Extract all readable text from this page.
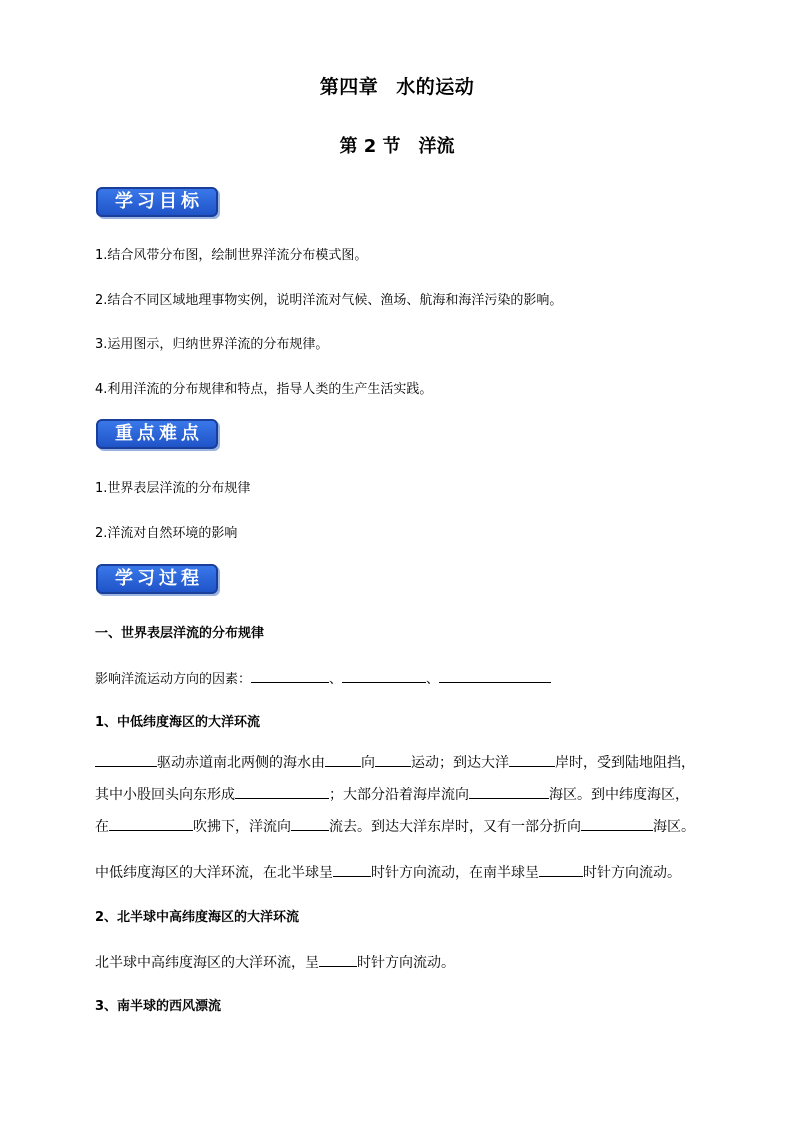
第四章 水的运动
第 2 节 洋流
学习目标
1.结合风带分布图，绘制世界洋流分布模式图。
2.结合不同区域地理事物实例，说明洋流对气候、渔场、航海和海洋污染的影响。
3.运用图示，归纳世界洋流的分布规律。
4.利用洋流的分布规律和特点，指导人类的生产生活实践。
重点难点
1.世界表层洋流的分布规律
2.洋流对自然环境的影响
学习过程
一、世界表层洋流的分布规律
影响洋流运动方向的因素：	、	、
1、中低纬度海区的大洋环流
驱动赤道南北两侧的海水由	向	运动；到达大洋	岸时，受到陆地阻挡，
其中小股回头向东形成	；大部分沿着海岸流向	海区。到中纬度海区，
在	吹拂下，洋流向	流去。到达大洋东岸时，又有一部分折向	海区。
中低纬度海区的大洋环流，在北半球呈	时针方向流动，在南半球呈	时针方向流动。
2、北半球中高纬度海区的大洋环流
北半球中高纬度海区的大洋环流，呈	时针方向流动。
3、南半球的西风漂流
